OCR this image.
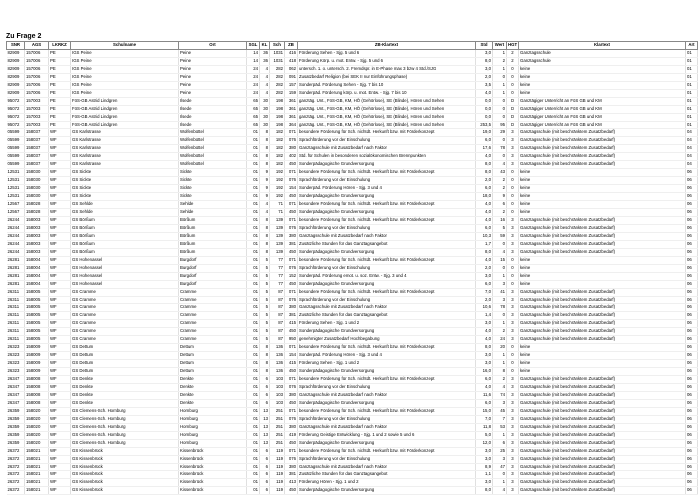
Zu Frage 2
SNR	AGS	LKRKZ	Schulname	Ort	SGL	KL	Sch	ZB	ZB-Klartext	Std	Wert	HGT	Klartext	Art
82909	157006	PE	IGS Peine	Peine	14	36	1031	416	Förderung Sehen - Sjg. 5 und 6	3,0	1	2	Ganztagsschule	01
82909	157006	PE	IGS Peine	Peine	14	36	1031	418	Förderung Körp. u. mot. Entw. - Sjg. 5 und 6	8,0	2	2	Ganztagsschule	01
82909	157006	PE	IGS Peine	Peine	24	4	282	062	untersch. 1. o. untersch. 2. Fremdspr. in E-Phase max 3 bzw 4 Std./SJG	3,0	1	0	keine	01
82909	157006	PE	IGS Peine	Peine	24	4	282	091	Zusatzbedarf Religion (bei SEK II nur Einführungsphase)	2,0	0	0	keine	01
82909	157006	PE	IGS Peine	Peine	24	4	282	157	Sonderpäd. Förderung Sehen - Sjg. 7 bis 10	3,5	1	0	keine	01
82909	157006	PE	IGS Peine	Peine	24	4	282	159	Sonderpäd. Förderung körp. u. mot. Entw. - Sjg. 7 bis 10	4,0	1	0	keine	01
95072	157003	PE	FöS-GB Astrid Lindgren	Ilsede	65	30	198	361	ganztäg. Unt., FöS-GB, KM, HÖ (Gehörlose), SE (Blinde), Hören und Sehen	0,0	0	D	Ganztägiger Unterricht an FöS GB und KM	01
95072	157003	PE	FöS-GB Astrid Lindgren	Ilsede	65	30	198	361	ganztäg. Unt., FöS-GB, KM, HÖ (Gehörlose), SE (Blinde), Hören und Sehen	0,0	0	D	Ganztägiger Unterricht an FöS GB und KM	01
95072	157003	PE	FöS-GB Astrid Lindgren	Ilsede	65	30	198	361	ganztäg. Unt., FöS-GB, KM, HÖ (Gehörlose), SE (Blinde), Hören und Sehen	0,0	0	D	Ganztägiger Unterricht an FöS GB und KM	01
95072	157003	PE	FöS-GB Astrid Lindgren	Ilsede	65	30	198	364	ganztäg. Unt., FöS-GB, KM, HÖ (Gehörlose), SE (Blinde), Hören und Sehen	253,5	95	D	Ganztägiger Unterricht an FöS GB und KM	01
05599	158037	WF	GS Karlstrasse	Wolfenbüttel	01	8	182	071	besondere Förderung für Sch. nichtdt. Herkunft bzw. mit Förderkonzept	19,0	29	3	Ganztagsschule (mit beschränktem Zusatzbedarf)	04
05599	158037	WF	GS Karlstrasse	Wolfenbüttel	01	8	182	076	Sprachförderung vor der Einschulung	6,0	0	3	Ganztagsschule (mit beschränktem Zusatzbedarf)	04
05599	158037	WF	GS Karlstrasse	Wolfenbüttel	01	8	182	380	Ganztagsschule mit Zusatzbedarf nach Faktor	17,6	78	3	Ganztagsschule (mit beschränktem Zusatzbedarf)	04
05599	158037	WF	GS Karlstrasse	Wolfenbüttel	01	8	182	402	Std. für Schulen in besonderen sozialökonomischen Brennpunkten	4,0	0	3	Ganztagsschule (mit beschränktem Zusatzbedarf)	04
05599	158037	WF	GS Karlstrasse	Wolfenbüttel	01	8	182	450	Sonderpädagogische Grundversorgung	8,0	4	3	Ganztagsschule (mit beschränktem Zusatzbedarf)	04
12531	158030	WF	GS Sickte	Sickte	01	9	192	071	besondere Förderung für Sch. nichtdt. Herkunft bzw. mit Förderkonzept	8,0	43	0	keine	06
12531	158030	WF	GS Sickte	Sickte	01	9	192	076	Sprachförderung vor der Einschulung	2,0	2	0	keine	06
12531	158030	WF	GS Sickte	Sickte	01	9	192	154	Sonderpäd. Förderung Hören - Sjg. 3 und 4	6,0	2	0	keine	06
12531	158030	WF	GS Sickte	Sickte	01	9	192	450	Sonderpädagogische Grundversorgung	18,0	9	0	keine	06
12567	158028	WF	GS Sehlde	Sehlde	01	4	71	071	besondere Förderung für Sch. nichtdt. Herkunft bzw. mit Förderkonzept	4,0	6	0	keine	06
12567	158028	WF	GS Sehlde	Sehlde	01	4	71	450	Sonderpädagogische Grundversorgung	4,0	2	0	keine	06
26244	158003	WF	GS Börßum	Börßum	01	8	139	071	besondere Förderung für Sch. nichtdt. Herkunft bzw. mit Förderkonzept	4,0	16	3	Ganztagsschule (mit beschränktem Zusatzbedarf)	06
26244	158003	WF	GS Börßum	Börßum	01	8	139	076	Sprachförderung vor der Einschulung	6,0	5	3	Ganztagsschule (mit beschränktem Zusatzbedarf)	06
26244	158003	WF	GS Börßum	Börßum	01	8	139	380	Ganztagsschule mit Zusatzbedarf nach Faktor	10,3	59	3	Ganztagsschule (mit beschränktem Zusatzbedarf)	06
26244	158003	WF	GS Börßum	Börßum	01	8	139	381	Zusätzliche Stunden für das Ganztagsangebot	1,7	0	3	Ganztagsschule (mit beschränktem Zusatzbedarf)	06
26244	158003	WF	GS Börßum	Börßum	01	8	139	450	Sonderpädagogische Grundversorgung	8,0	4	3	Ganztagsschule (mit beschränktem Zusatzbedarf)	06
26281	158004	WF	GS Hohenassel	Burgdorf	01	5	77	071	besondere Förderung für Sch. nichtdt. Herkunft bzw. mit Förderkonzept	4,0	15	0	keine	06
26281	158004	WF	GS Hohenassel	Burgdorf	01	5	77	076	Sprachförderung vor der Einschulung	2,0	0	0	keine	06
26281	158004	WF	GS Hohenassel	Burgdorf	01	5	77	152	Sonderpäd. Förderung emot. u. soz. Entw. - Sjg. 3 und 4	3,0	1	0	keine	06
26281	158004	WF	GS Hohenassel	Burgdorf	01	5	77	450	Sonderpädagogische Grundversorgung	6,0	3	0	keine	06
26311	158005	WF	GS Cramme	Cramme	01	5	87	071	besondere Förderung für Sch. nichtdt. Herkunft bzw. mit Förderkonzept	7,0	41	3	Ganztagsschule (mit beschränktem Zusatzbedarf)	06
26311	158005	WF	GS Cramme	Cramme	01	5	87	076	Sprachförderung vor der Einschulung	2,0	3	3	Ganztagsschule (mit beschränktem Zusatzbedarf)	06
26311	158005	WF	GS Cramme	Cramme	01	5	87	380	Ganztagsschule mit Zusatzbedarf nach Faktor	10,6	78	3	Ganztagsschule (mit beschränktem Zusatzbedarf)	06
26311	158005	WF	GS Cramme	Cramme	01	5	87	381	Zusätzliche Stunden für das Ganztagsangebot	1,4	0	3	Ganztagsschule (mit beschränktem Zusatzbedarf)	06
26311	158005	WF	GS Cramme	Cramme	01	5	87	415	Förderung Sehen - Sjg. 1 und 2	3,0	1	3	Ganztagsschule (mit beschränktem Zusatzbedarf)	06
26311	158005	WF	GS Cramme	Cramme	01	5	87	450	Sonderpädagogische Grundversorgung	4,0	2	3	Ganztagsschule (mit beschränktem Zusatzbedarf)	06
26311	158005	WF	GS Cramme	Cramme	01	5	87	950	genehmigter Zusatzbedarf Hochbegabung	4,0	24	3	Ganztagsschule (mit beschränktem Zusatzbedarf)	06
26323	158009	WF	GS Dettum	Dettum	01	8	136	071	besondere Förderung für Sch. nichtdt. Herkunft bzw. mit Förderkonzept	8,0	20	0	keine	06
26323	158009	WF	GS Dettum	Dettum	01	8	136	154	Sonderpäd. Förderung Hören - Sjg. 3 und 4	3,0	1	0	keine	06
26323	158009	WF	GS Dettum	Dettum	01	8	136	415	Förderung Sehen - Sjg. 1 und 2	3,0	1	0	keine	06
26323	158009	WF	GS Dettum	Dettum	01	8	136	450	Sonderpädagogische Grundversorgung	16,0	8	0	keine	06
26347	158008	WF	GS Denkte	Denkte	01	6	103	071	besondere Förderung für Sch. nichtdt. Herkunft bzw. mit Förderkonzept	6,0	2	3	Ganztagsschule (mit beschränktem Zusatzbedarf)	06
26347	158008	WF	GS Denkte	Denkte	01	6	103	076	Sprachförderung vor der Einschulung	4,0	4	3	Ganztagsschule (mit beschränktem Zusatzbedarf)	06
26347	158008	WF	GS Denkte	Denkte	01	6	103	380	Ganztagsschule mit Zusatzbedarf nach Faktor	11,6	74	3	Ganztagsschule (mit beschränktem Zusatzbedarf)	06
26347	158008	WF	GS Denkte	Denkte	01	6	103	450	Sonderpädagogische Grundversorgung	6,0	3	3	Ganztagsschule (mit beschränktem Zusatzbedarf)	06
26359	158020	WF	GS Clemens-Sch. Hornburg	Hornburg	01	13	251	071	besondere Förderung für Sch. nichtdt. Herkunft bzw. mit Förderkonzept	15,0	45	3	Ganztagsschule (mit beschränktem Zusatzbedarf)	06
26359	158020	WF	GS Clemens-Sch. Hornburg	Hornburg	01	13	251	076	Sprachförderung vor der Einschulung	7,0	7	3	Ganztagsschule (mit beschränktem Zusatzbedarf)	06
26359	158020	WF	GS Clemens-Sch. Hornburg	Hornburg	01	13	251	380	Ganztagsschule mit Zusatzbedarf nach Faktor	11,8	53	3	Ganztagsschule (mit beschränktem Zusatzbedarf)	06
26359	158020	WF	GS Clemens-Sch. Hornburg	Hornburg	01	13	251	419	Förderung Geistige Entwicklung - Sjg. 1 und 2 sowie 5 und 6	5,0	1	3	Ganztagsschule (mit beschränktem Zusatzbedarf)	06
26359	158020	WF	GS Clemens-Sch. Hornburg	Hornburg	01	13	251	450	Sonderpädagogische Grundversorgung	12,0	6	3	Ganztagsschule (mit beschränktem Zusatzbedarf)	06
26372	158021	WF	GS Kissenbrück	Kissenbrück	01	6	119	071	besondere Förderung für Sch. nichtdt. Herkunft bzw. mit Förderkonzept	3,0	25	3	Ganztagsschule (mit beschränktem Zusatzbedarf)	06
26372	158021	WF	GS Kissenbrück	Kissenbrück	01	6	119	076	Sprachförderung vor der Einschulung	3,0	3	3	Ganztagsschule (mit beschränktem Zusatzbedarf)	06
26372	158021	WF	GS Kissenbrück	Kissenbrück	01	6	119	380	Ganztagsschule mit Zusatzbedarf nach Faktor	8,9	47	3	Ganztagsschule (mit beschränktem Zusatzbedarf)	06
26372	158021	WF	GS Kissenbrück	Kissenbrück	01	6	119	381	Zusätzliche Stunden für das Ganztagsangebot	1,1	0	3	Ganztagsschule (mit beschränktem Zusatzbedarf)	06
26372	158021	WF	GS Kissenbrück	Kissenbrück	01	6	119	413	Förderung Hören - Sjg. 1 und 2	3,0	1	3	Ganztagsschule (mit beschränktem Zusatzbedarf)	06
26372	158021	WF	GS Kissenbrück	Kissenbrück	01	6	119	450	Sonderpädagogische Grundversorgung	8,0	4	3	Ganztagsschule (mit beschränktem Zusatzbedarf)	06
